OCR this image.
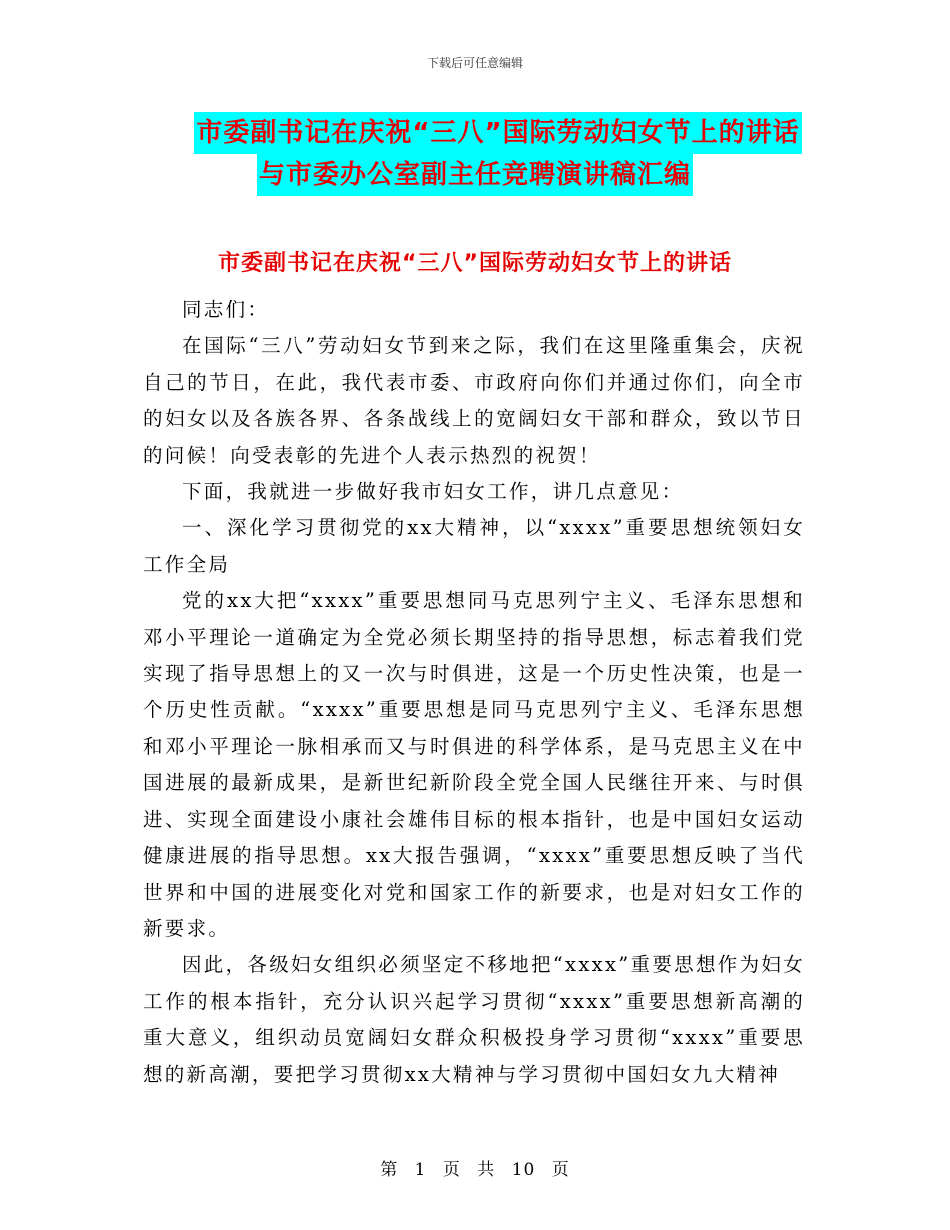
下载后可任意编辑
市委副书记在庆祝“三八”国际劳动妇女节上的讲话
与市委办公室副主任竞聘演讲稿汇编
市委副书记在庆祝“三八”国际劳动妇女节上的讲话

同志们：

在国际“三八”劳动妇女节到来之际，我们在这里隆重集会，庆祝自己的节日，在此，我代表市委、市政府向你们并通过你们，向全市的妇女以及各族各界、各条战线上的宽阔妇女干部和群众，致以节日的问候！向受表彰的先进个人表示热烈的祝贺！

下面，我就进一步做好我市妇女工作，讲几点意见：

一、深化学习贯彻党的xx大精神，以“xxxx”重要思想统领妇女工作全局

党的xx大把“xxxx”重要思想同马克思列宁主义、毛泽东思想和邓小平理论一道确定为全党必须长期坚持的指导思想，标志着我们党实现了指导思想上的又一次与时俱进，这是一个历史性决策，也是一个历史性贡献。“xxxx”重要思想是同马克思列宁主义、毛泽东思想和邓小平理论一脉相承而又与时俱进的科学体系，是马克思主义在中国进展的最新成果，是新世纪新阶段全党全国人民继往开来、与时俱进、实现全面建设小康社会雄伟目标的根本指针，也是中国妇女运动健康进展的指导思想。xx大报告强调，“xxxx”重要思想反映了当代世界和中国的进展变化对党和国家工作的新要求，也是对妇女工作的新要求。

因此，各级妇女组织必须坚定不移地把“xxxx”重要思想作为妇女工作的根本指针，充分认识兴起学习贯彻“xxxx”重要思想新高潮的重大意义，组织动员宽阔妇女群众积极投身学习贯彻“xxxx”重要思想的新高潮，要把学习贯彻xx大精神与学习贯彻中国妇女九大精神

第 1 页 共 10 页
